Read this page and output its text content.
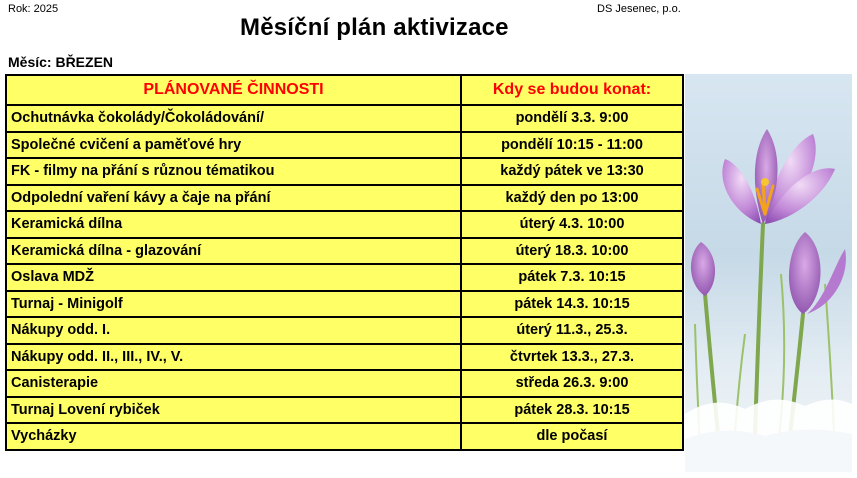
Rok: 2025	DS Jesenec, p.o.
Měsíční plán aktivizace
Měsíc: BŘEZEN
PLÁNOVANÉ ČINNOSTI	Kdy se budou konat:
Ochutnávka čokolády/Čokoládování/	pondělí 3.3. 9:00
Společné cvičení a paměťové hry	pondělí 10:15 - 11:00
FK - filmy na přání s různou tématikou	každý pátek ve 13:30
Odpolední vaření kávy a čaje na přání	každý den po 13:00
Keramická dílna	úterý 4.3. 10:00
Keramická dílna - glazování	úterý 18.3. 10:00
Oslava MDŽ	pátek 7.3. 10:15
Turnaj - Minigolf	pátek 14.3. 10:15
Nákupy odd. I.	úterý 11.3., 25.3.
Nákupy odd. II., III., IV., V.	čtvrtek 13.3., 27.3.
Canisterapie	středa 26.3. 9:00
Turnaj Lovení rybiček	pátek 28.3. 10:15
Vycházky	dle počasí
